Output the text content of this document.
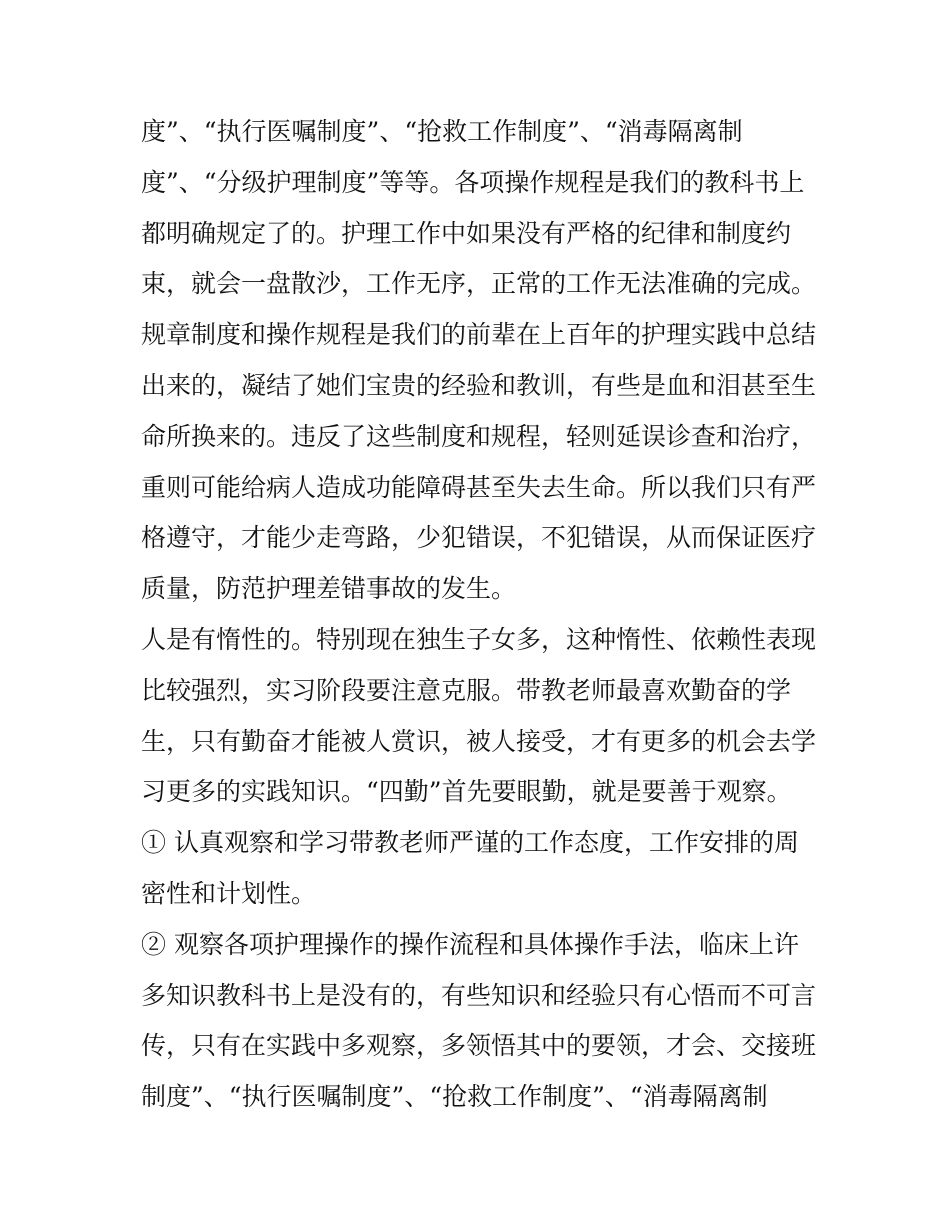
度”、“执行医嘱制度”、“抢救工作制度”、“消毒隔离制
度”、“分级护理制度”等等。各项操作规程是我们的教科书上
都明确规定了的。护理工作中如果没有严格的纪律和制度约
束，就会一盘散沙，工作无序，正常的工作无法准确的完成。
规章制度和操作规程是我们的前辈在上百年的护理实践中总结
出来的，凝结了她们宝贵的经验和教训，有些是血和泪甚至生
命所换来的。违反了这些制度和规程，轻则延误诊查和治疗，
重则可能给病人造成功能障碍甚至失去生命。所以我们只有严
格遵守，才能少走弯路，少犯错误，不犯错误，从而保证医疗
质量，防范护理差错事故的发生。
人是有惰性的。特别现在独生子女多，这种惰性、依赖性表现
比较强烈，实习阶段要注意克服。带教老师最喜欢勤奋的学
生，只有勤奋才能被人赏识，被人接受，才有更多的机会去学
习更多的实践知识。“四勤”首先要眼勤，就是要善于观察。
① 认真观察和学习带教老师严谨的工作态度，工作安排的周
密性和计划性。
② 观察各项护理操作的操作流程和具体操作手法，临床上许
多知识教科书上是没有的，有些知识和经验只有心悟而不可言
传，只有在实践中多观察，多领悟其中的要领，才会、交接班
制度”、“执行医嘱制度”、“抢救工作制度”、“消毒隔离制
